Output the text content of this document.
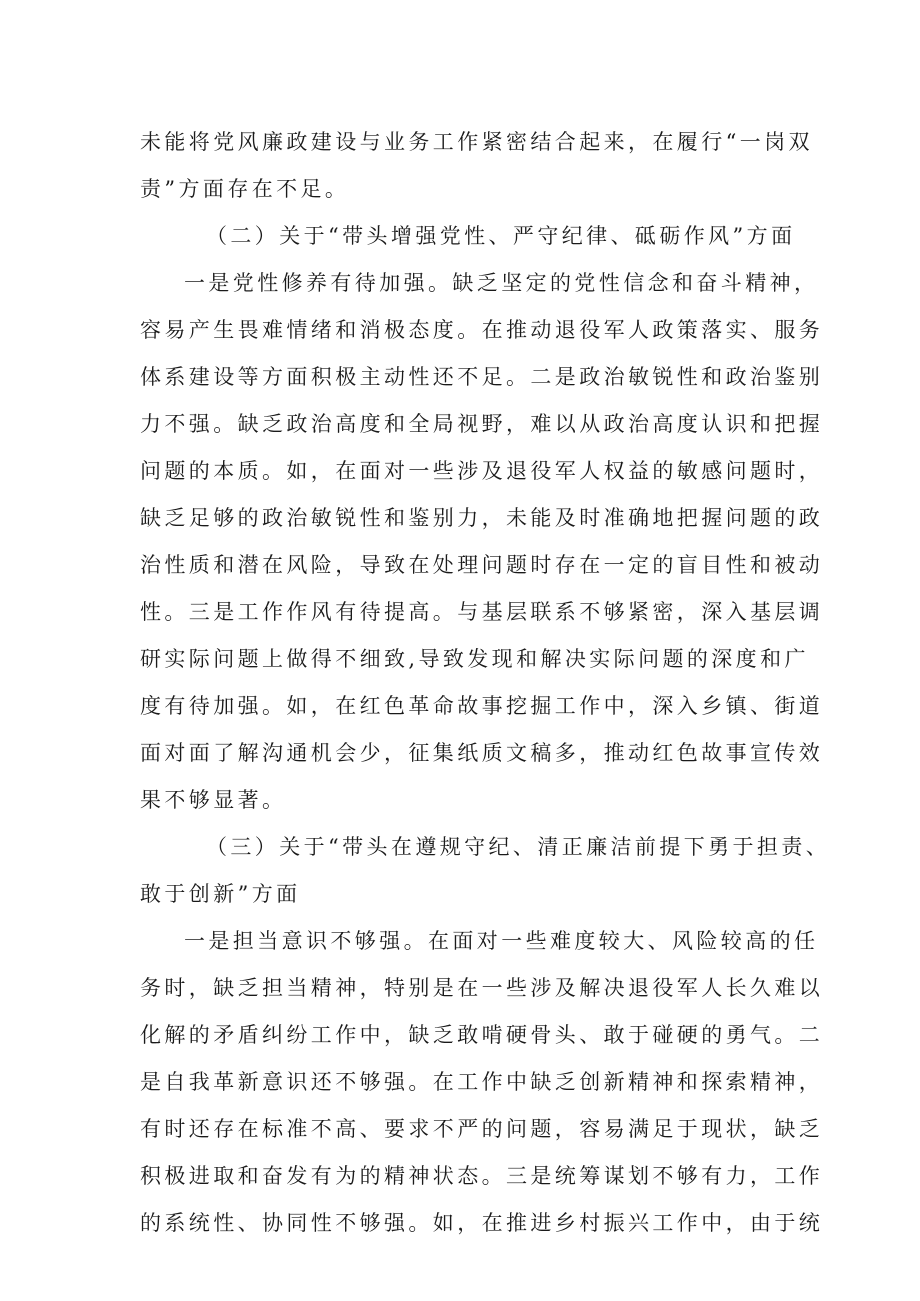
未能将党风廉政建设与业务工作紧密结合起来，在履行“一岗双
责”方面存在不足。
（二）关于“带头增强党性、严守纪律、砥砺作风”方面
一是党性修养有待加强。缺乏坚定的党性信念和奋斗精神，
容易产生畏难情绪和消极态度。在推动退役军人政策落实、服务
体系建设等方面积极主动性还不足。二是政治敏锐性和政治鉴别
力不强。缺乏政治高度和全局视野，难以从政治高度认识和把握
问题的本质。如，在面对一些涉及退役军人权益的敏感问题时，
缺乏足够的政治敏锐性和鉴别力，未能及时准确地把握问题的政
治性质和潜在风险，导致在处理问题时存在一定的盲目性和被动
性。三是工作作风有待提高。与基层联系不够紧密，深入基层调
研实际问题上做得不细致,导致发现和解决实际问题的深度和广
度有待加强。如，在红色革命故事挖掘工作中，深入乡镇、街道
面对面了解沟通机会少，征集纸质文稿多，推动红色故事宣传效
果不够显著。
（三）关于“带头在遵规守纪、清正廉洁前提下勇于担责、
敢于创新”方面
一是担当意识不够强。在面对一些难度较大、风险较高的任
务时，缺乏担当精神，特别是在一些涉及解决退役军人长久难以
化解的矛盾纠纷工作中，缺乏敢啃硬骨头、敢于碰硬的勇气。二
是自我革新意识还不够强。在工作中缺乏创新精神和探索精神，
有时还存在标准不高、要求不严的问题，容易满足于现状，缺乏
积极进取和奋发有为的精神状态。三是统筹谋划不够有力，工作
的系统性、协同性不够强。如，在推进乡村振兴工作中，由于统
